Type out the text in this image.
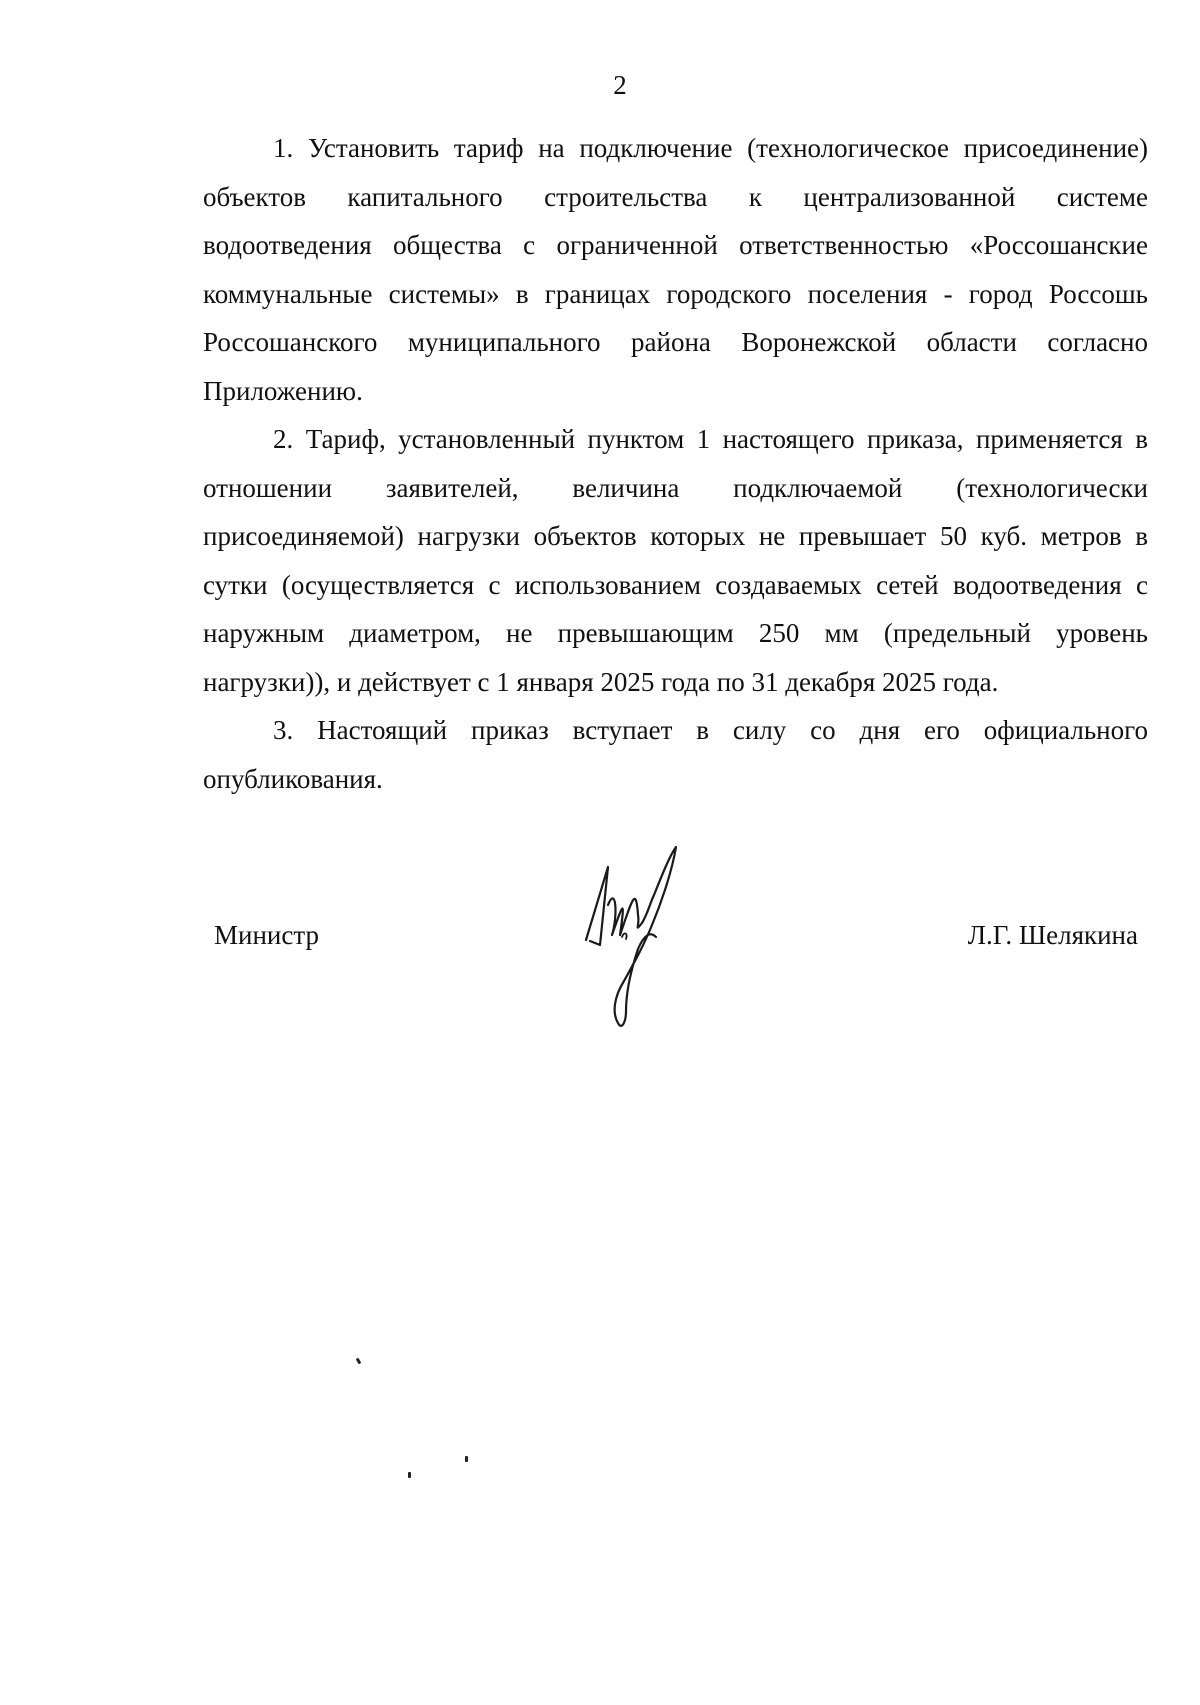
2

1. Установить тариф на подключение (технологическое присоединение) объектов капитального строительства к централизованной системе водоотведения общества с ограниченной ответственностью «Россошанские коммунальные системы» в границах городского поселения - город Россошь Россошанского муниципального района Воронежской области согласно Приложению.

2. Тариф, установленный пунктом 1 настоящего приказа, применяется в отношении заявителей, величина подключаемой (технологически присоединяемой) нагрузки объектов которых не превышает 50 куб. метров в сутки (осуществляется с использованием создаваемых сетей водоотведения с наружным диаметром, не превышающим 250 мм (предельный уровень нагрузки)), и действует с 1 января 2025 года по 31 декабря 2025 года.

3. Настоящий приказ вступает в силу со дня его официального опубликования.

Министр	Л.Г. Шелякина
